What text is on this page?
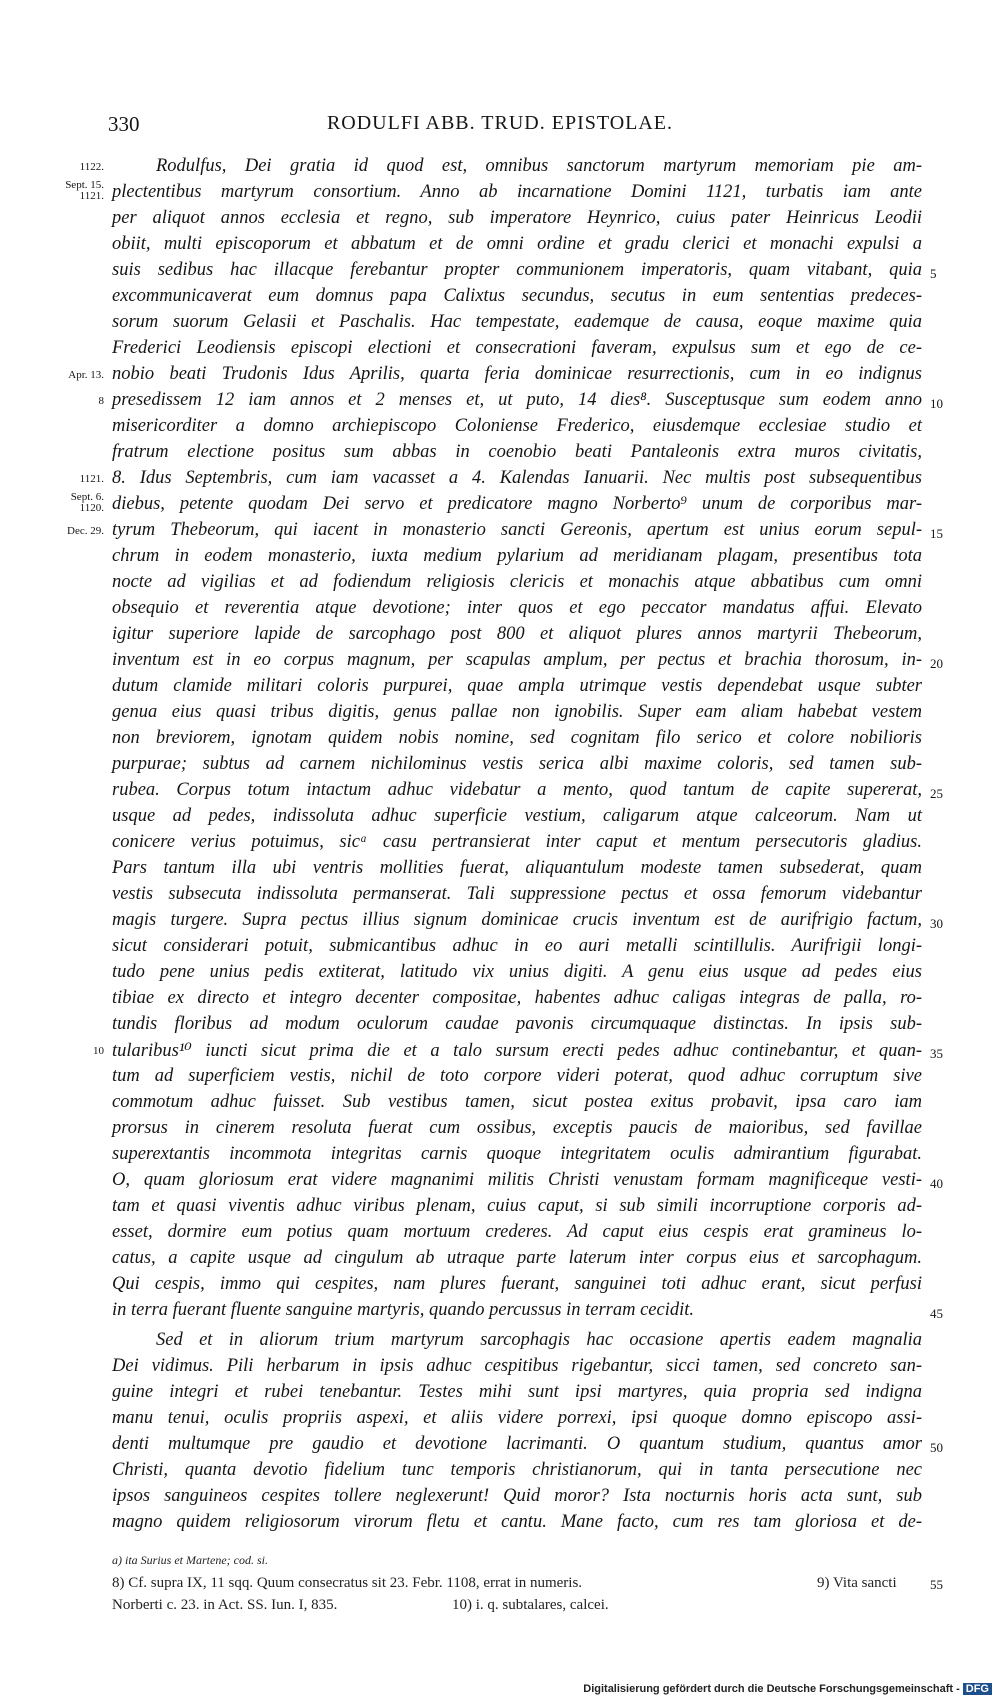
330	RODULFI ABB. TRUD. EPISTOLAE.
1122.	Rodulfus, Dei gratia id quod est, omnibus sanctorum martyrum memoriam pie am-
Sept. 15.
1121. plectentibus martyrum consortium. Anno ab incarnatione Domini 1121, turbatis iam ante
per aliquot annos ecclesia et regno, sub imperatore Heynrico, cuius pater Heinricus Leodii
obiit, multi episcoporum et abbatum et de omni ordine et gradu clerici et monachi expulsi a
suis sedibus hac illacque ferebantur propter communionem imperatoris, quam vitabant, quia 5
excommunicaverat eum domnus papa Calixtus secundus, secutus in eum sententias predeces-
sorum suorum Gelasii et Paschalis. Hac tempestate, eademque de causa, eoque maxime quia
Frederici Leodiensis episcopi electioni et consecrationi faveram, expulsus sum et ego de ce-
Apr. 13. nobio beati Trudonis Idus Aprilis, quarta feria dominicae resurrectionis, cum in eo indignus
8 presedissem 12 iam annos et 2 menses et, ut puto, 14 dies⁸. Susceptusque sum eodem anno 10
misericorditer a domno archiepiscopo Coloniense Frederico, eiusdemque ecclesiae studio et
fratrum electione positus sum abbas in coenobio beati Pantaleonis extra muros civitatis,
1121. 8. Idus Septembris, cum iam vacasset a 4. Kalendas Ianuarii. Nec multis post subsequentibus
Sept. 6.
1120. diebus, petente quodam Dei servo et predicatore magno Norberto⁹ unum de corporibus mar-
Dec. 29. tyrum Thebeorum, qui iacent in monasterio sancti Gereonis, apertum est unius eorum sepul- 15
chrum in eodem monasterio, iuxta medium pylarium ad meridianam plagam, presentibus tota
nocte ad vigilias et ad fodiendum religiosis clericis et monachis atque abbatibus cum omni
obsequio et reverentia atque devotione; inter quos et ego peccator mandatus affui. Elevato
igitur superiore lapide de sarcophago post 800 et aliquot plures annos martyrii Thebeorum,
inventum est in eo corpus magnum, per scapulas amplum, per pectus et brachia thorosum, in- 20
dutum clamide militari coloris purpurei, quae ampla utrimque vestis dependebat usque subter
genua eius quasi tribus digitis, genus pallae non ignobilis. Super eam aliam habebat vestem
non breviorem, ignotam quidem nobis nomine, sed cognitam filo serico et colore nobilioris
purpurae; subtus ad carnem nichilominus vestis serica albi maxime coloris, sed tamen sub-
rubea. Corpus totum intactum adhuc videbatur a mento, quod tantum de capite supererat, 25
usque ad pedes, indissoluta adhuc superficie vestium, caligarum atque calceorum. Nam ut
conicere verius potuimus, sicᵃ casu pertransierat inter caput et mentum persecutoris gladius.
Pars tantum illa ubi ventris mollities fuerat, aliquantulum modeste tamen subsederat, quam
vestis subsecuta indissoluta permanserat. Tali suppressione pectus et ossa femorum videbantur
magis turgere. Supra pectus illius signum dominicae crucis inventum est de aurifrigio factum, 30
sicut considerari potuit, submicantibus adhuc in eo auri metalli scintillulis. Aurifrigii longi-
tudo pene unius pedis extiterat, latitudo vix unius digiti. A genu eius usque ad pedes eius
tibiae ex directo et integro decenter compositae, habentes adhuc caligas integras de palla, ro-
tundis floribus ad modum oculorum caudae pavonis circumquaque distinctas. In ipsis sub-
10 tularibus¹⁰ iuncti sicut prima die et a talo sursum erecti pedes adhuc continebantur, et quan- 35
tum ad superficiem vestis, nichil de toto corpore videri poterat, quod adhuc corruptum sive
commotum adhuc fuisset. Sub vestibus tamen, sicut postea exitus probavit, ipsa caro iam
prorsus in cinerem resoluta fuerat cum ossibus, exceptis paucis de maioribus, sed favillae
superextantis incommota integritas carnis quoque integritatem oculis admirantium figurabat.
O, quam gloriosum erat videre magnanimi militis Christi venustam formam magnificeque vesti- 40
tam et quasi viventis adhuc viribus plenam, cuius caput, si sub simili incorruptione corporis ad-
esset, dormire eum potius quam mortuum crederes. Ad caput eius cespis erat gramineus lo-
catus, a capite usque ad cingulum ab utraque parte laterum inter corpus eius et sarcophagum.
Qui cespis, immo qui cespites, nam plures fuerant, sanguinei toti adhuc erant, sicut perfusi
in terra fuerant fluente sanguine martyris, quando percussus in terram cecidit.	45
Sed et in aliorum trium martyrum sarcophagis hac occasione apertis eadem magnalia
Dei vidimus. Pili herbarum in ipsis adhuc cespitibus rigebantur, sicci tamen, sed concreto san-
guine integri et rubei tenebantur. Testes mihi sunt ipsi martyres, quia propria sed indigna
manu tenui, oculis propriis aspexi, et aliis videre porrexi, ipsi quoque domno episcopo assi-
denti multumque pre gaudio et devotione lacrimanti. O quantum studium, quantus amor 50
Christi, quanta devotio fidelium tunc temporis christianorum, qui in tanta persecutione nec
ipsos sanguineos cespites tollere neglexerunt! Quid moror? Ista nocturnis horis acta sunt, sub
magno quidem religiosorum virorum fletu et cantu. Mane facto, cum res tam gloriosa et de-
a) ita Surius et Martene; cod. si.
8) Cf. supra IX, 11 sqq. Quum consecratus sit 23. Febr. 1108, errat in numeris.	9) Vita sancti	55
Norberti c. 23. in Act. SS. Iun. I, 835.	10) i. q. subtalares, calcei.
Digitalisierung gefördert durch die Deutsche Forschungsgemeinschaft - DFG
